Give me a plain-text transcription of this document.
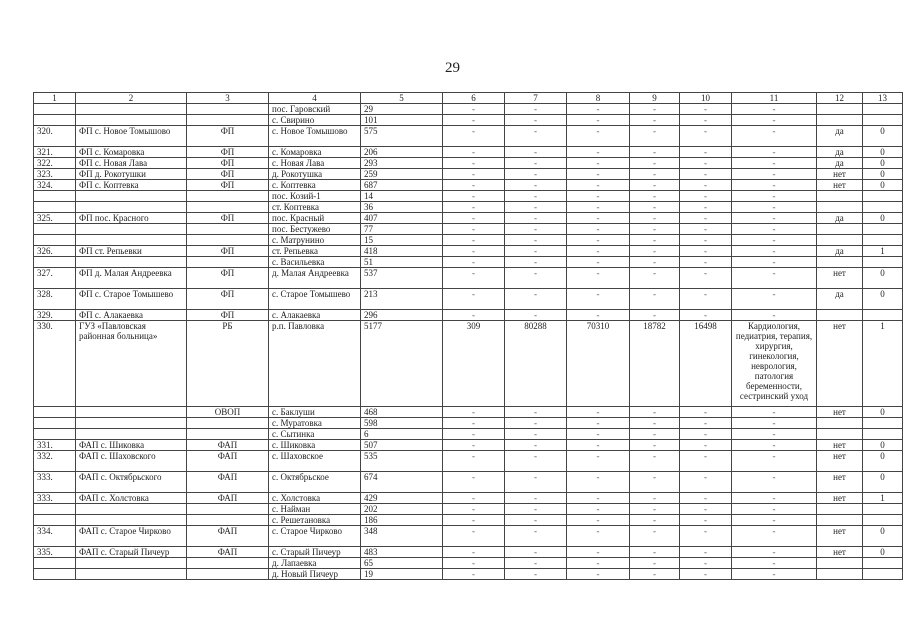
29
1	2	3	4	5	6	7	8	9	10	11	12	13
			пос. Гаровский	29	-	-	-	-	-	-		
			с. Свирино	101	-	-	-	-	-	-		
320.	ФП с. Новое Томышово	ФП	с. Новое Томышово	575	-	-	-	-	-	-	да	0
321.	ФП с. Комаровка	ФП	с. Комаровка	206	-	-	-	-	-	-	да	0
322.	ФП с. Новая Лава	ФП	с. Новая Лава	293	-	-	-	-	-	-	да	0
323.	ФП д. Рокотушки	ФП	д. Рокотушка	259	-	-	-	-	-	-	нет	0
324.	ФП с. Коптевка	ФП	с. Коптевка	687	-	-	-	-	-	-	нет	0
			пос. Козий-1	14	-	-	-	-	-	-		
			ст. Коптевка	36	-	-	-	-	-	-		
325.	ФП пос. Красного	ФП	пос. Красный	407	-	-	-	-	-	-	да	0
			пос. Бестужево	77	-	-	-	-	-	-		
			с. Матрунино	15	-	-	-	-	-	-		
326.	ФП ст. Репьевки	ФП	ст. Репьевка	418	-	-	-	-	-	-	да	1
			с. Васильевка	51	-	-	-	-	-	-		
327.	ФП д. Малая Андреевка	ФП	д. Малая Андреевка	537	-	-	-	-	-	-	нет	0
328.	ФП с. Старое Томышево	ФП	с. Старое Томышево	213	-	-	-	-	-	-	да	0
329.	ФП с. Алакаевка	ФП	с. Алакаевка	296	-	-	-	-	-	-		
330.	ГУЗ «Павловская районная больница»	РБ	р.п. Павловка	5177	309	80288	70310	18782	16498	Кардиология, педиатрия, терапия, хирургия, гинекология, неврология, патология беременности, сестринский уход	нет	1
		ОВОП	с. Баклуши	468	-	-	-	-	-	-	нет	0
			с. Муратовка	598	-	-	-	-	-	-		
			с. Сытинка	6	-	-	-	-	-	-		
331.	ФАП с. Шиковка	ФАП	с. Шиковка	507	-	-	-	-	-	-	нет	0
332.	ФАП с. Шаховского	ФАП	с. Шаховское	535	-	-	-	-	-	-	нет	0
333.	ФАП с. Октябрьского	ФАП	с. Октябрьское	674	-	-	-	-	-	-	нет	0
333.	ФАП с. Холстовка	ФАП	с. Холстовка	429	-	-	-	-	-	-	нет	1
			с. Найман	202	-	-	-	-	-	-		
			с. Решетановка	186	-	-	-	-	-	-		
334.	ФАП с. Старое Чирково	ФАП	с. Старое Чирково	348	-	-	-	-	-	-	нет	0
335.	ФАП с. Старый Пичеур	ФАП	с. Старый Пичеур	483	-	-	-	-	-	-	нет	0
			д. Лапаевка	65	-	-	-	-	-	-		
			д. Новый Пичеур	19	-	-	-	-	-	-		
